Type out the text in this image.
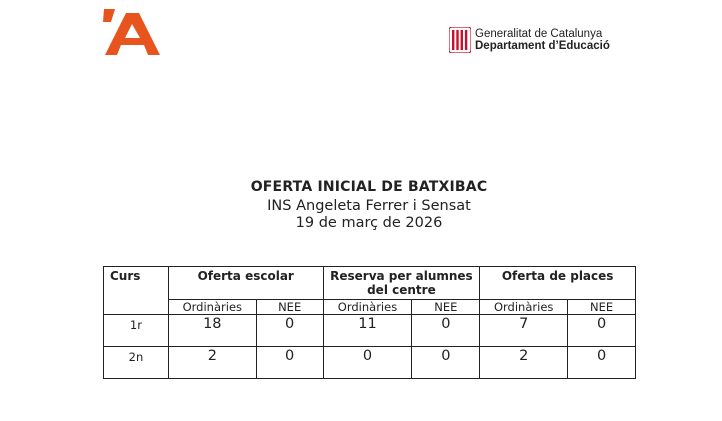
Generalitat de Catalunya
Departament d’Educació
OFERTA INICIAL DE BATXIBAC
INS Angeleta Ferrer i Sensat
19 de març de 2026
Curs	Oferta escolar		Reserva per alumnes del centre		Oferta de places	
	Ordinàries	NEE	Ordinàries	NEE	Ordinàries	NEE
1r	18	0	11	0	7	0
2n	2	0	0	0	2	0
